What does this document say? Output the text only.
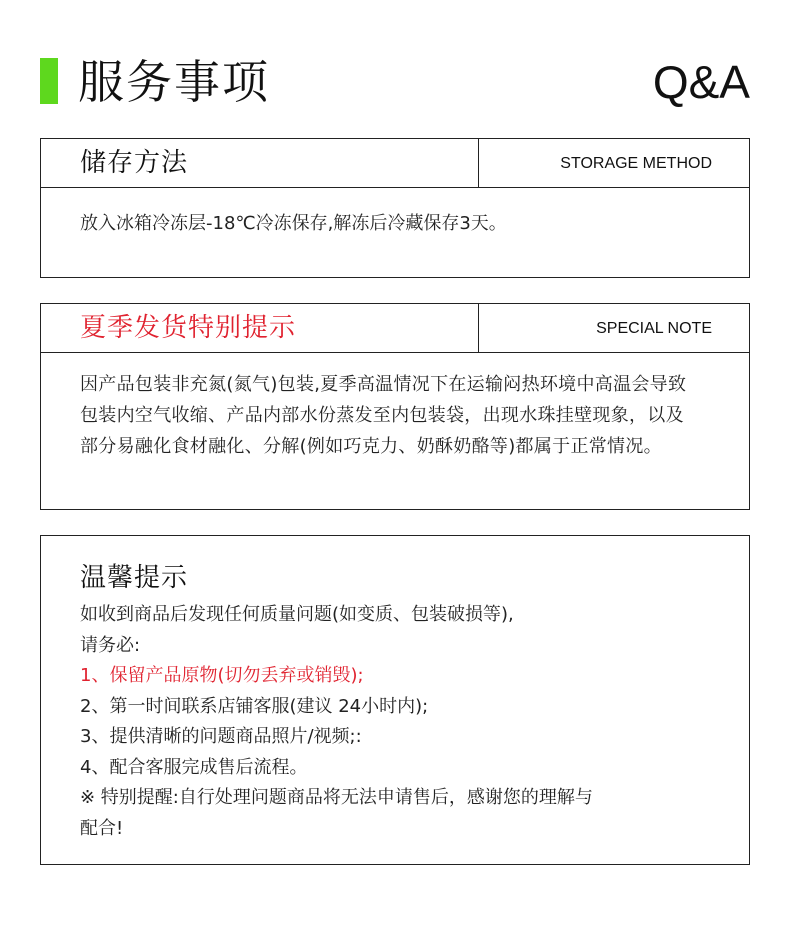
服务事项	Q&A
储存方法	STORAGE METHOD
放入冰箱冷冻层-18℃冷冻保存,解冻后冷藏保存3天。
夏季发货特别提示	SPECIAL NOTE
因产品包装非充氮(氮气)包装,夏季高温情况下在运输闷热环境中高温会导致包装内空气收缩、产品内部水份蒸发至内包装袋，出现水珠挂壁现象，以及部分易融化食材融化、分解(例如巧克力、奶酥奶酪等)都属于正常情况。
温馨提示
如收到商品后发现任何质量问题(如变质、包装破损等),
请务必:
1、保留产品原物(切勿丢弃或销毁);
2、第一时间联系店铺客服(建议 24小时内);
3、提供清晰的问题商品照片/视频;:
4、配合客服完成售后流程。
※ 特别提醒:自行处理问题商品将无法申请售后，感谢您的理解与
配合!
